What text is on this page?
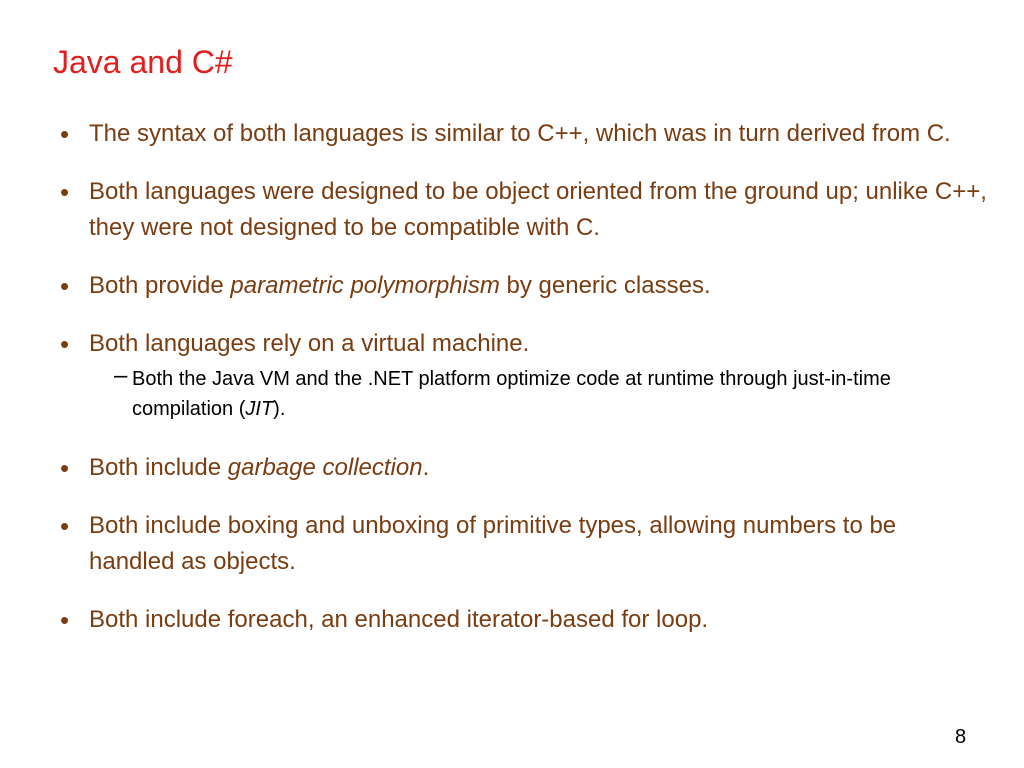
Java and C#
• The syntax of both languages is similar to C++, which was in turn derived from C.
• Both languages were designed to be object oriented from the ground up; unlike C++, they were not designed to be compatible with C.
• Both provide parametric polymorphism by generic classes.
• Both languages rely on a virtual machine.
– Both the Java VM and the .NET platform optimize code at runtime through just-in-time compilation (JIT).
• Both include garbage collection.
• Both include boxing and unboxing of primitive types, allowing numbers to be handled as objects.
• Both include foreach, an enhanced iterator-based for loop.
8
